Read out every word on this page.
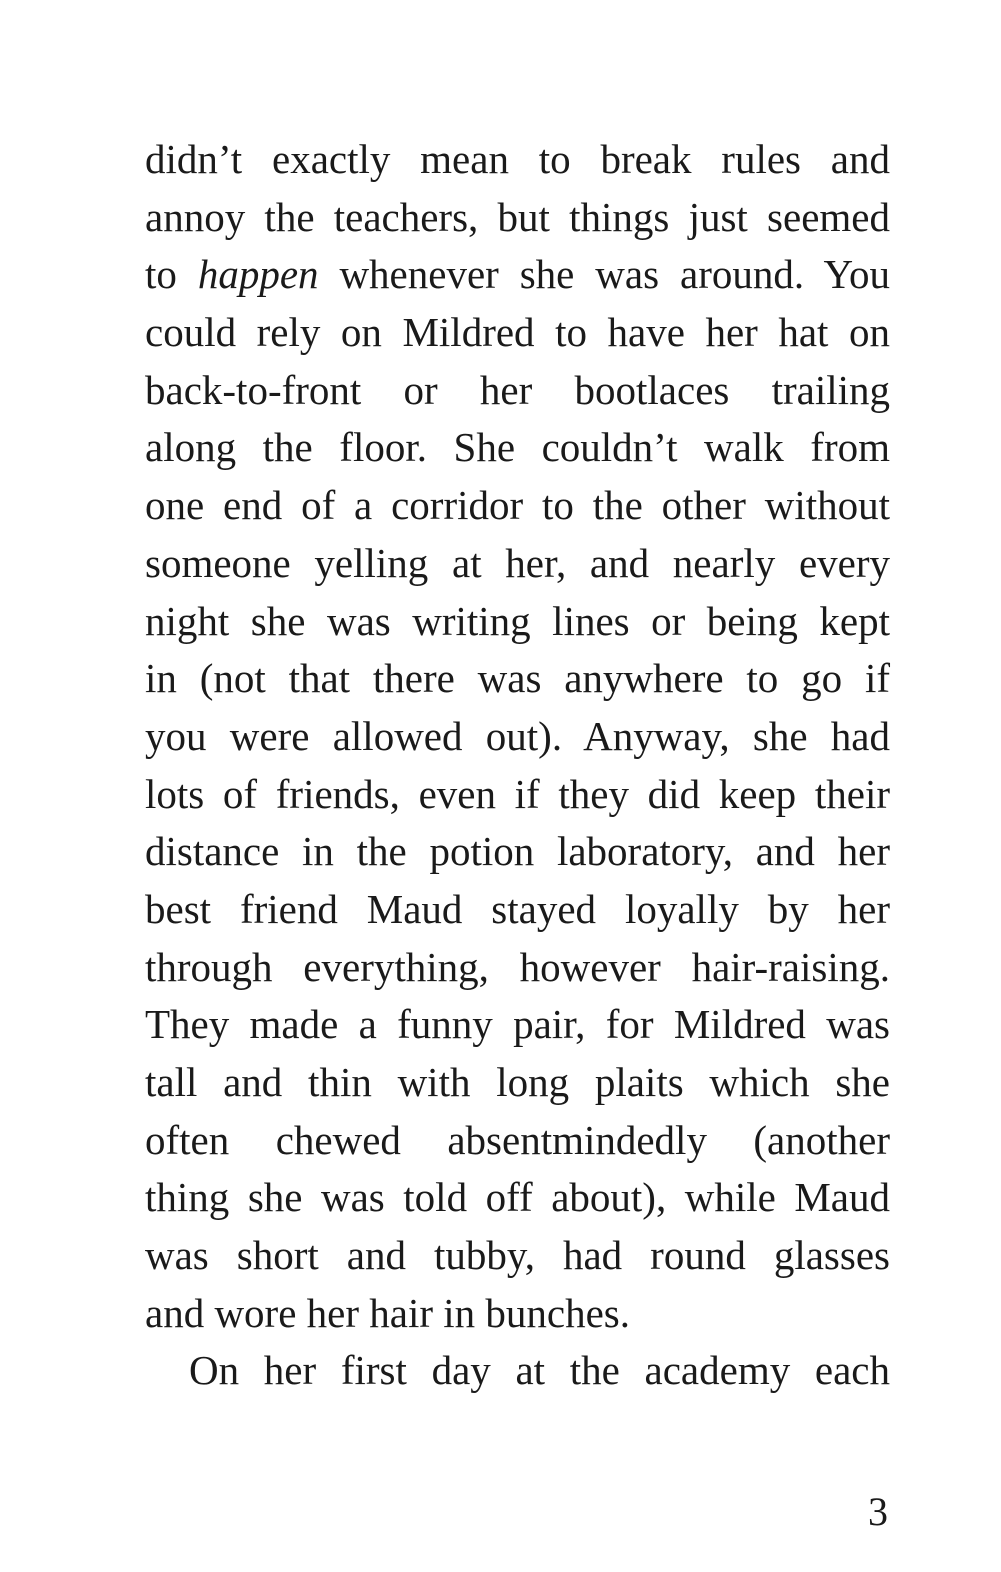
didn’t exactly mean to break rules and
annoy the teachers, but things just seemed
to happen whenever she was around. You
could rely on Mildred to have her hat on
back-to-front or her bootlaces trailing
along the floor. She couldn’t walk from
one end of a corridor to the other without
someone yelling at her, and nearly every
night she was writing lines or being kept
in (not that there was anywhere to go if
you were allowed out). Anyway, she had
lots of friends, even if they did keep their
distance in the potion laboratory, and her
best friend Maud stayed loyally by her
through everything, however hair-raising.
They made a funny pair, for Mildred was
tall and thin with long plaits which she
often chewed absentmindedly (another
thing she was told off about), while Maud
was short and tubby, had round glasses
and wore her hair in bunches.
On her first day at the academy each
3
